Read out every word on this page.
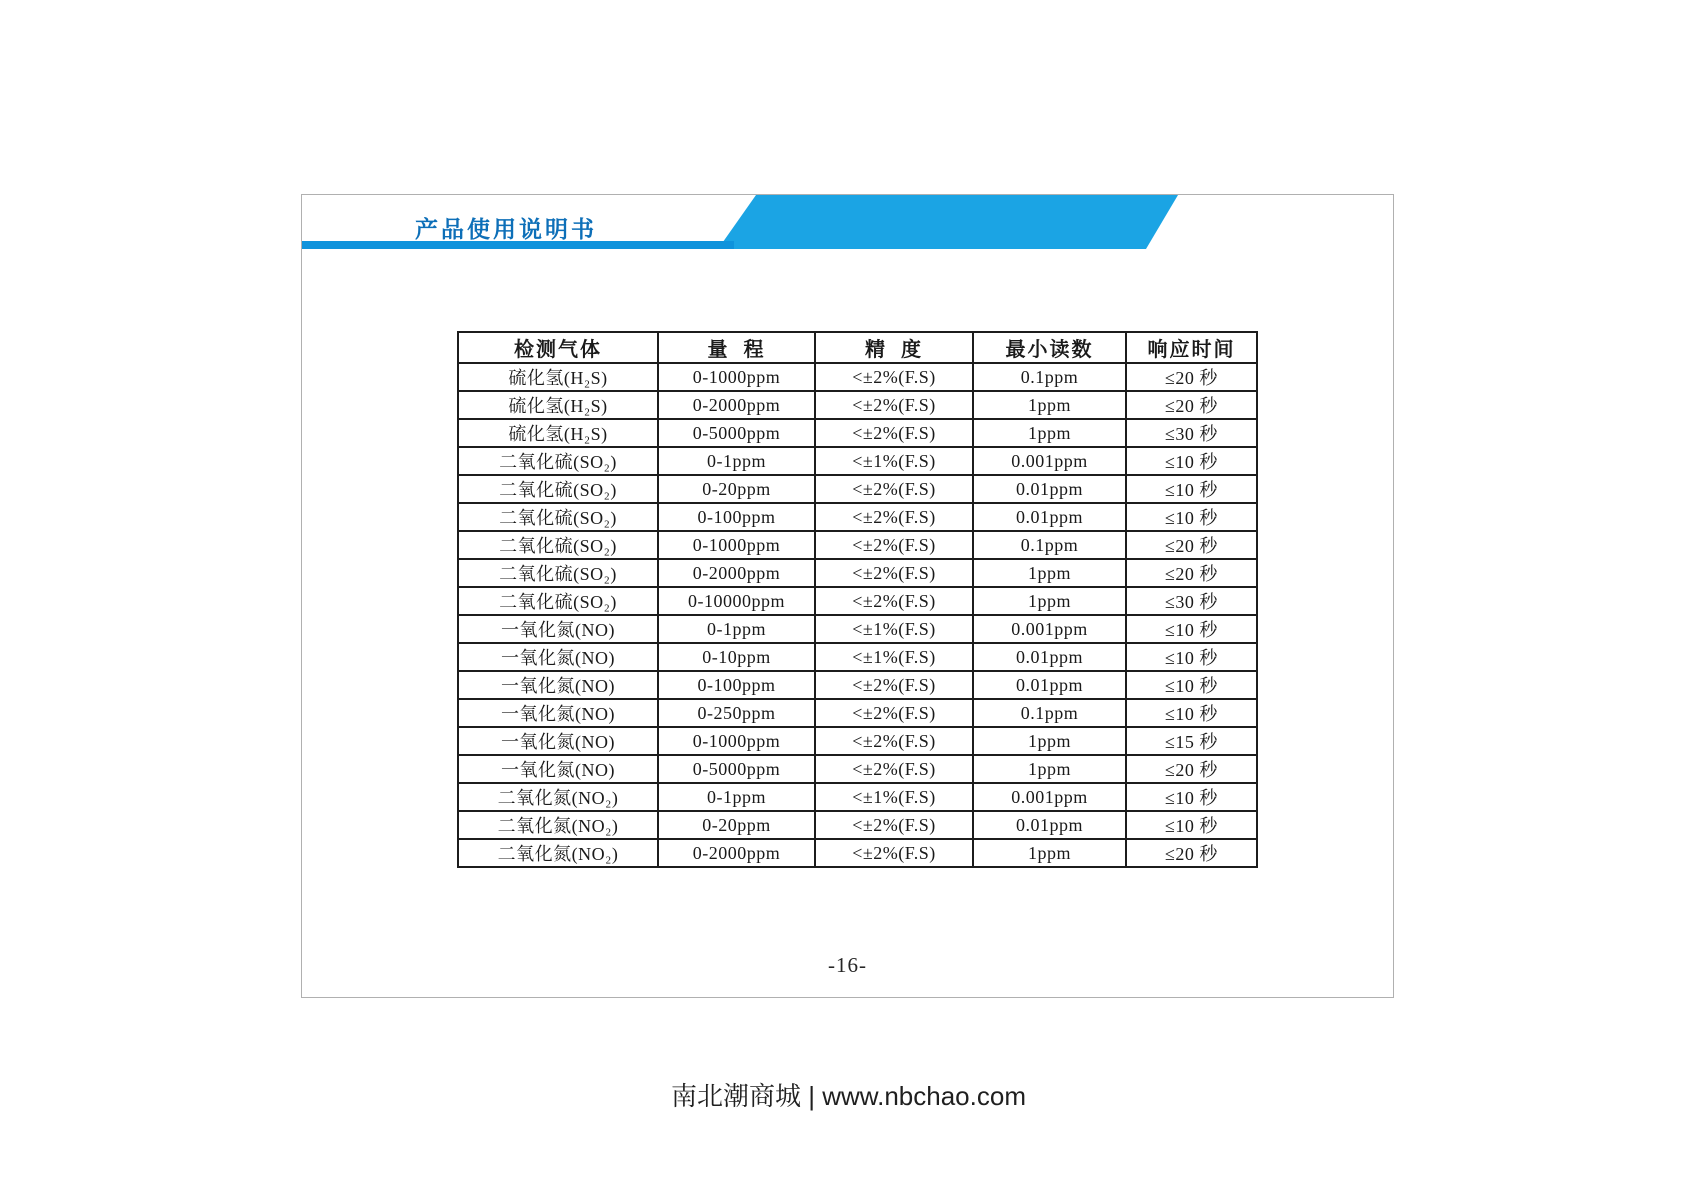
产品使用说明书
检测气体	量  程	精  度	最小读数	响应时间
硫化氢(H₂S)	0-1000ppm	<±2%(F.S)	0.1ppm	≤20 秒
硫化氢(H₂S)	0-2000ppm	<±2%(F.S)	1ppm	≤20 秒
硫化氢(H₂S)	0-5000ppm	<±2%(F.S)	1ppm	≤30 秒
二氧化硫(SO₂)	0-1ppm	<±1%(F.S)	0.001ppm	≤10 秒
二氧化硫(SO₂)	0-20ppm	<±2%(F.S)	0.01ppm	≤10 秒
二氧化硫(SO₂)	0-100ppm	<±2%(F.S)	0.01ppm	≤10 秒
二氧化硫(SO₂)	0-1000ppm	<±2%(F.S)	0.1ppm	≤20 秒
二氧化硫(SO₂)	0-2000ppm	<±2%(F.S)	1ppm	≤20 秒
二氧化硫(SO₂)	0-10000ppm	<±2%(F.S)	1ppm	≤30 秒
一氧化氮(NO)	0-1ppm	<±1%(F.S)	0.001ppm	≤10 秒
一氧化氮(NO)	0-10ppm	<±1%(F.S)	0.01ppm	≤10 秒
一氧化氮(NO)	0-100ppm	<±2%(F.S)	0.01ppm	≤10 秒
一氧化氮(NO)	0-250ppm	<±2%(F.S)	0.1ppm	≤10 秒
一氧化氮(NO)	0-1000ppm	<±2%(F.S)	1ppm	≤15 秒
一氧化氮(NO)	0-5000ppm	<±2%(F.S)	1ppm	≤20 秒
二氧化氮(NO₂)	0-1ppm	<±1%(F.S)	0.001ppm	≤10 秒
二氧化氮(NO₂)	0-20ppm	<±2%(F.S)	0.01ppm	≤10 秒
二氧化氮(NO₂)	0-2000ppm	<±2%(F.S)	1ppm	≤20 秒
-16-
南北潮商城 | www.nbchao.com
